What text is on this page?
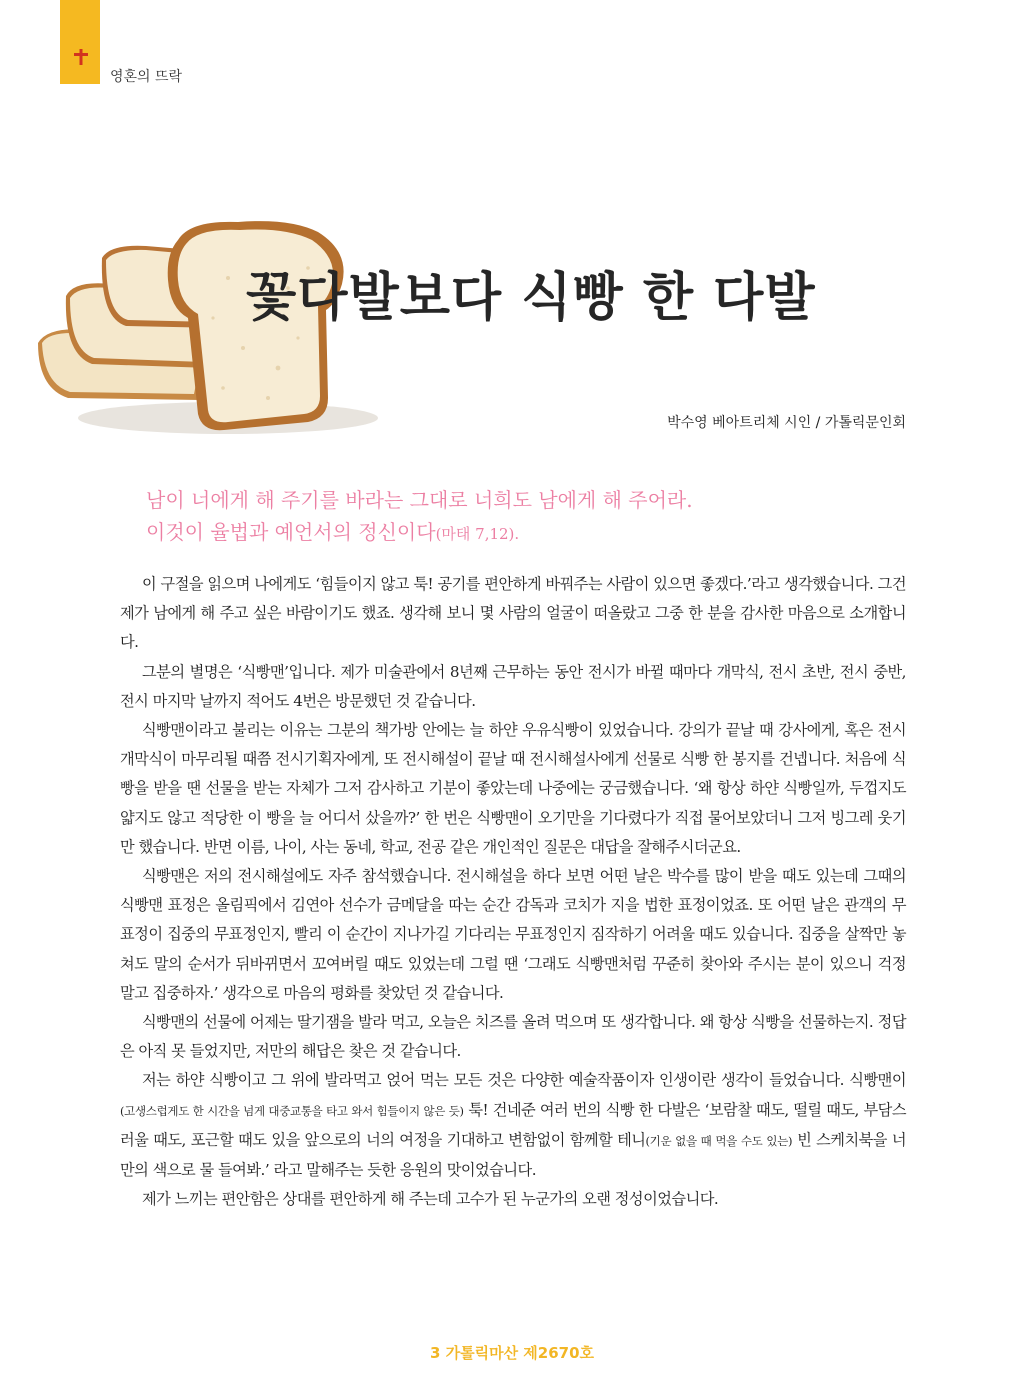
영혼의 뜨락
꽃다발보다 식빵 한 다발
박수영 베아트리체 시인 / 가톨릭문인회

남이 너에게 해 주기를 바라는 그대로 너희도 남에게 해 주어라.

이것이 율법과 예언서의 정신이다(마태 7,12).

이 구절을 읽으며 나에게도 ‘힘들이지 않고 툭! 공기를 편안하게 바꿔주는 사람이 있으면 좋겠다.’라고 생각했습니다. 그건 제가 남에게 해 주고 싶은 바람이기도 했죠. 생각해 보니 몇 사람의 얼굴이 떠올랐고 그중 한 분을 감사한 마음으로 소개합니다.

그분의 별명은 ‘식빵맨’입니다. 제가 미술관에서 8년째 근무하는 동안 전시가 바뀔 때마다 개막식, 전시 초반, 전시 중반, 전시 마지막 날까지 적어도 4번은 방문했던 것 같습니다.

식빵맨이라고 불리는 이유는 그분의 책가방 안에는 늘 하얀 우유식빵이 있었습니다. 강의가 끝날 때 강사에게, 혹은 전시 개막식이 마무리될 때쯤 전시기획자에게, 또 전시해설이 끝날 때 전시해설사에게 선물로 식빵 한 봉지를 건넵니다. 처음에 식빵을 받을 땐 선물을 받는 자체가 그저 감사하고 기분이 좋았는데 나중에는 궁금했습니다. ‘왜 항상 하얀 식빵일까, 두껍지도 얇지도 않고 적당한 이 빵을 늘 어디서 샀을까?’ 한 번은 식빵맨이 오기만을 기다렸다가 직접 물어보았더니 그저 빙그레 웃기만 했습니다. 반면 이름, 나이, 사는 동네, 학교, 전공 같은 개인적인 질문은 대답을 잘해주시더군요.

식빵맨은 저의 전시해설에도 자주 참석했습니다. 전시해설을 하다 보면 어떤 날은 박수를 많이 받을 때도 있는데 그때의 식빵맨 표정은 올림픽에서 김연아 선수가 금메달을 따는 순간 감독과 코치가 지을 법한 표정이었죠. 또 어떤 날은 관객의 무표정이 집중의 무표정인지, 빨리 이 순간이 지나가길 기다리는 무표정인지 짐작하기 어려울 때도 있습니다. 집중을 살짝만 놓쳐도 말의 순서가 뒤바뀌면서 꼬여버릴 때도 있었는데 그럴 땐 ‘그래도 식빵맨처럼 꾸준히 찾아와 주시는 분이 있으니 걱정 말고 집중하자.’ 생각으로 마음의 평화를 찾았던 것 같습니다.

식빵맨의 선물에 어제는 딸기잼을 발라 먹고, 오늘은 치즈를 올려 먹으며 또 생각합니다. 왜 항상 식빵을 선물하는지. 정답은 아직 못 들었지만, 저만의 해답은 찾은 것 같습니다.

저는 하얀 식빵이고 그 위에 발라먹고 얹어 먹는 모든 것은 다양한 예술작품이자 인생이란 생각이 들었습니다. 식빵맨이(고생스럽게도 한 시간을 넘게 대중교통을 타고 와서 힘들이지 않은 듯) 툭! 건네준 여러 번의 식빵 한 다발은 ‘보람찰 때도, 떨릴 때도, 부담스러울 때도, 포근할 때도 있을 앞으로의 너의 여정을 기대하고 변함없이 함께할 테니(기운 없을 때 먹을 수도 있는) 빈 스케치북을 너만의 색으로 물 들여봐.’ 라고 말해주는 듯한 응원의 맛이었습니다.

제가 느끼는 편안함은 상대를 편안하게 해 주는데 고수가 된 누군가의 오랜 정성이었습니다.

3 가톨릭마산 제2670호
